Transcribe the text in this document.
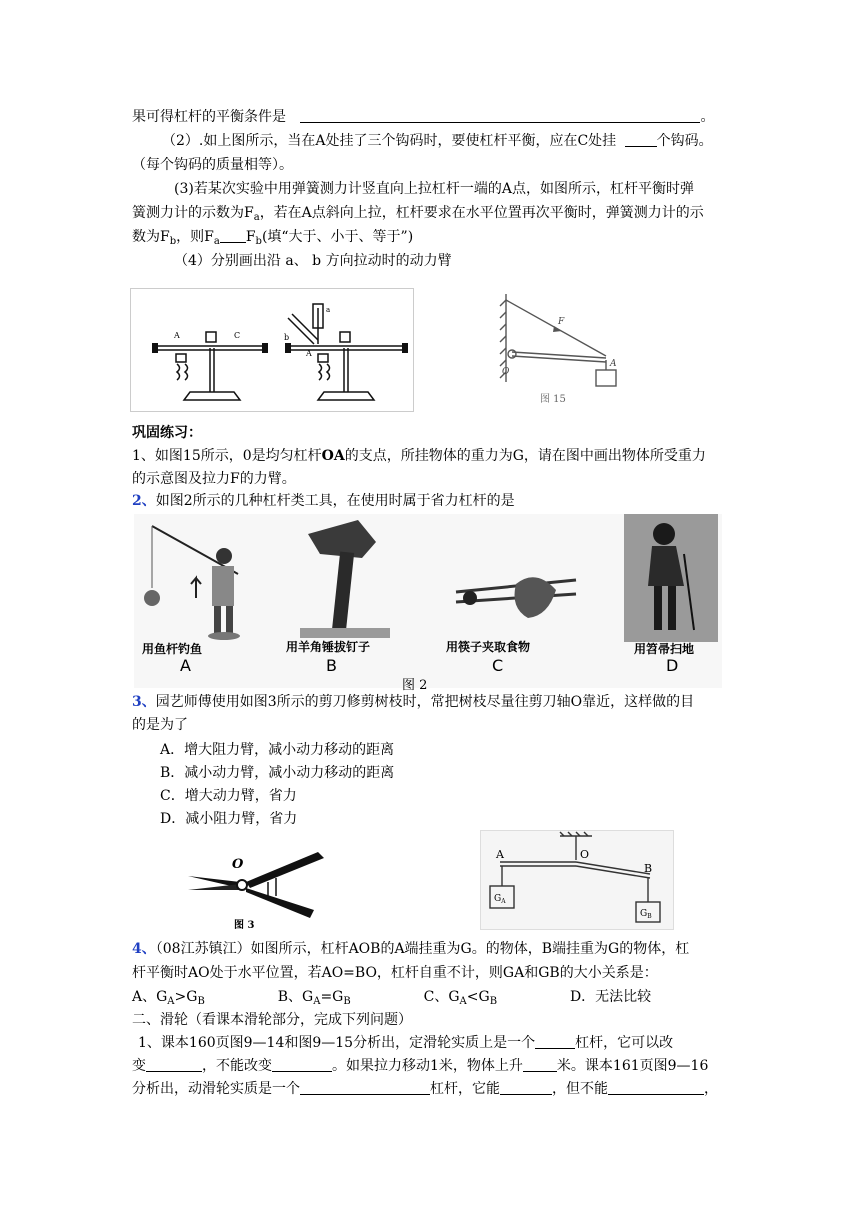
果可得杠杆的平衡条件是	。
（2）.如上图所示，当在A处挂了三个钩码时，要使杠杆平衡，应在C处挂	个钩码。
（每个钩码的质量相等）。
(3)若某次实验中用弹簧测力计竖直向上拉杠杆一端的A点，如图所示，杠杆平衡时弹
簧测力计的示数为$F_a$，若在A点斜向上拉，杠杆要求在水平位置再次平衡时，弹簧测力计的示
数为$F_b$，则$F_a$ $F_b$(填“大于、小于、等于”)
（4）分别画出沿 a、 b 方向拉动时的动力臂
A	C
A
b
a
F
A
O
图 15
巩固练习：
1、如图15所示，0是均匀杠杆OA的支点，所挂物体的重力为G，请在图中画出物体所受重力
的示意图及拉力F的力臂。
2、如图2所示的几种杠杆类工具，在使用时属于省力杠杆的是
用鱼杆钓鱼	用羊角锤拔钉子	用筷子夹取食物	用笤帚扫地
A	B	C	D
图 2
3、园艺师傅使用如图3所示的剪刀修剪树枝时，常把树枝尽量往剪刀轴O靠近，这样做的目
的是为了
A．增大阻力臂，减小动力移动的距离
B．减小动力臂，减小动力移动的距离
C．增大动力臂，省力
D．减小阻力臂，省力
O
图 3
A	O
B
$G_A$
$G_B$
4、（08江苏镇江）如图所示，杠杆AOB的A端挂重为G。的物体，B端挂重为G的物体，杠
杆平衡时AO处于水平位置，若AO=BO，杠杆自重不计，则GA和GB的大小关系是：
A、$G_A>G_B$	B、$G_A=G_B$	C、$G_A<G_B$	D．无法比较
二、滑轮（看课本滑轮部分，完成下列问题）
1、课本160页图9—14和图9—15分析出，定滑轮实质上是一个	杠杆，它可以改
变	，不能改变	。如果拉力移动1米，物体上升 米。课本161页图9—16
分析出，动滑轮实质是一个	杠杆，它能	，但不能	，
